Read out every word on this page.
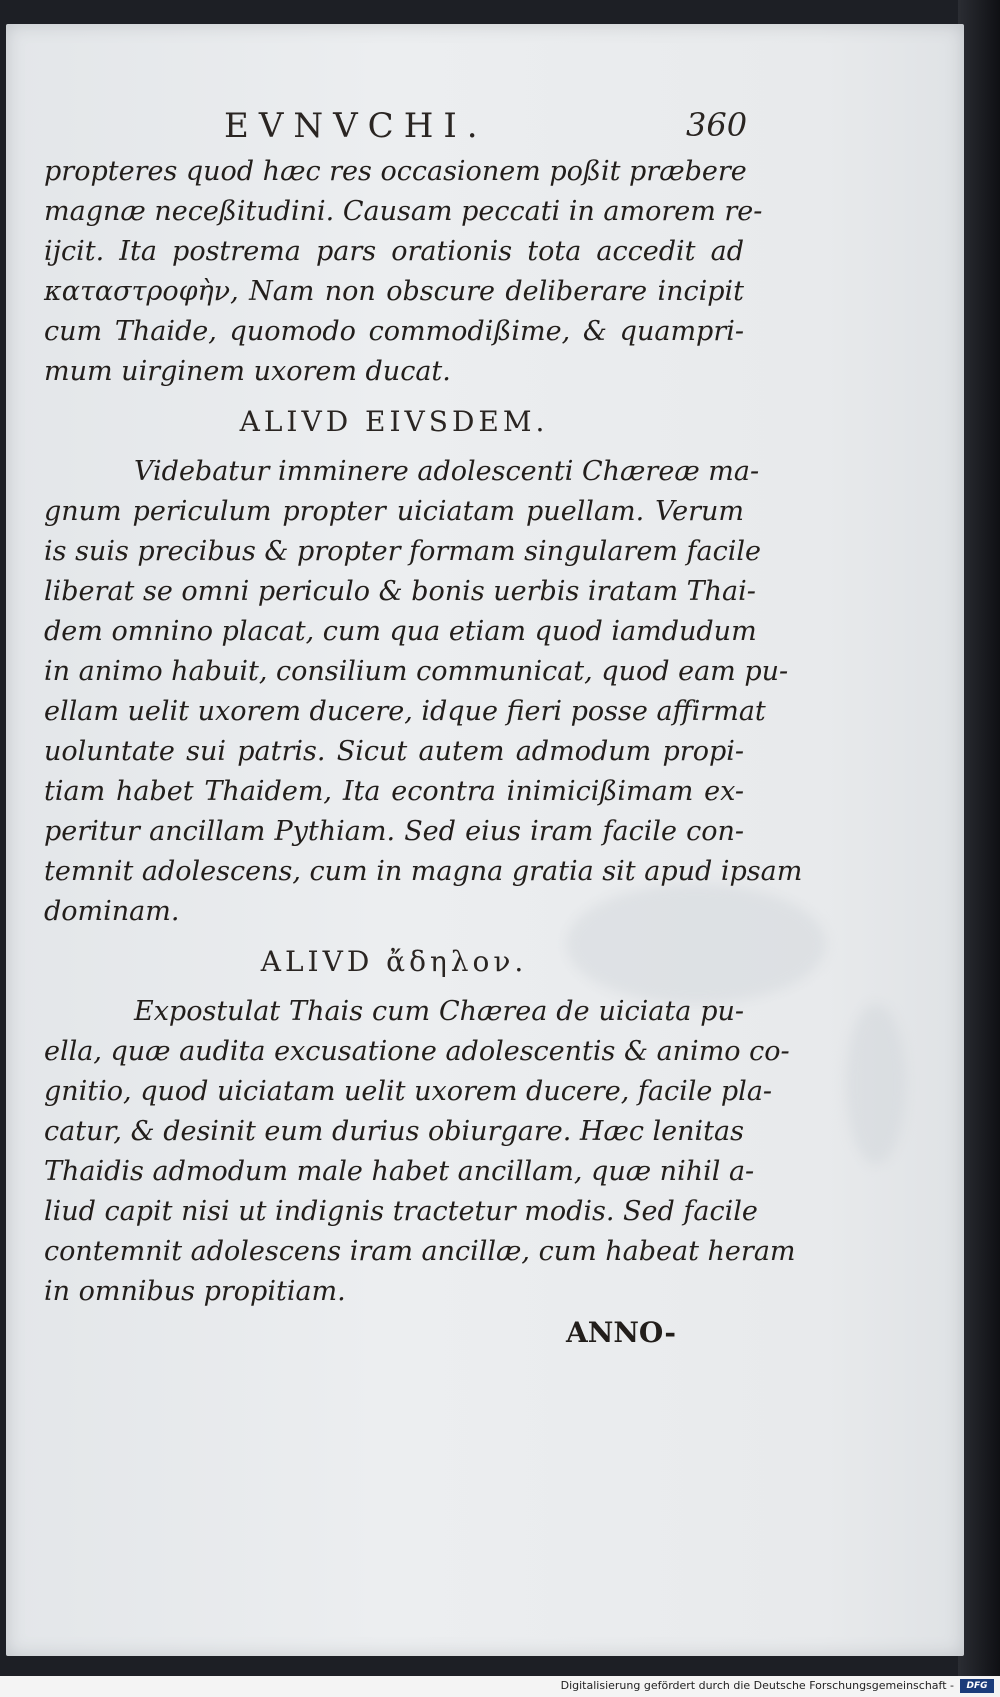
EVNVCHI.	360
propteres quod hæc res occasionem poßit præbere
magnæ neceßitudini. Causam peccati in amorem re-
ijcit. Ita postrema pars orationis tota accedit ad
καταστροφὴν, Nam non obscure deliberare incipit
cum Thaide, quomodo commodißime, & quampri-
mum uirginem uxorem ducat.
ALIVD EIVSDEM.
Videbatur imminere adolescenti Chæreæ ma-
gnum periculum propter uiciatam puellam. Verum
is suis precibus & propter formam singularem facile
liberat se omni periculo & bonis uerbis iratam Thai-
dem omnino placat, cum qua etiam quod iamdudum
in animo habuit, consilium communicat, quod eam pu-
ellam uelit uxorem ducere, idque fieri posse affirmat
uoluntate sui patris. Sicut autem admodum propi-
tiam habet Thaidem, Ita econtra inimicißimam ex-
peritur ancillam Pythiam. Sed eius iram facile con-
temnit adolescens, cum in magna gratia sit apud ipsam
dominam.
ALIVD ἄδηλον.
Expostulat Thais cum Chærea de uiciata pu-
ella, quæ audita excusatione adolescentis & animo co-
gnitio, quod uiciatam uelit uxorem ducere, facile pla-
catur, & desinit eum durius obiurgare. Hæc lenitas
Thaidis admodum male habet ancillam, quæ nihil a-
liud capit nisi ut indignis tractetur modis. Sed facile
contemnit adolescens iram ancillæ, cum habeat heram
in omnibus propitiam.
ANNO-
Digitalisierung gefördert durch die Deutsche Forschungsgemeinschaft -	DFG
